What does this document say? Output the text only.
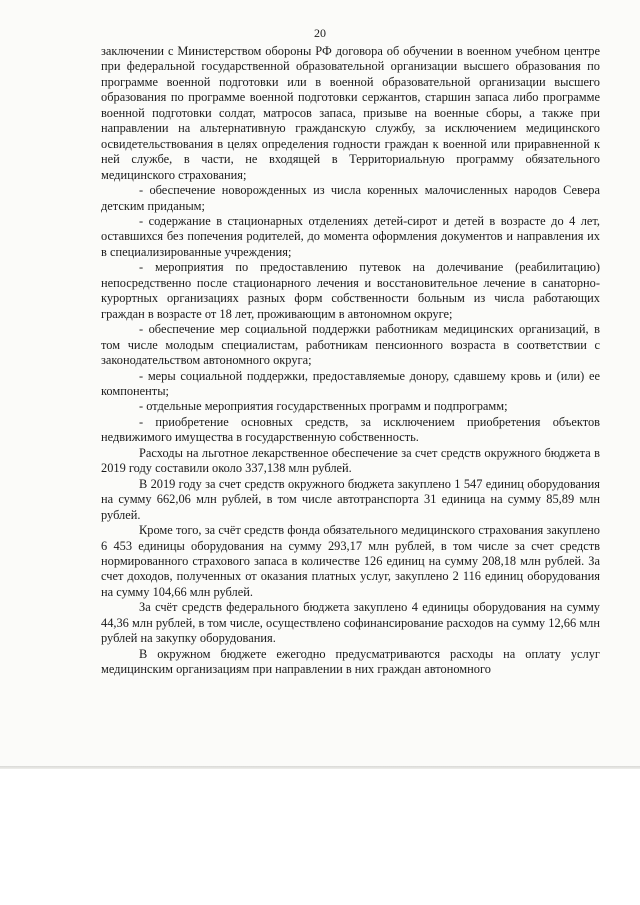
20

заключении с Министерством обороны РФ договора об обучении в военном учебном центре при федеральной государственной образовательной организации высшего образования по программе военной подготовки или в военной образовательной организации высшего образования по программе военной подготовки сержантов, старшин запаса либо программе военной подготовки солдат, матросов запаса, призыве на военные сборы, а также при направлении на альтернативную гражданскую службу, за исключением медицинского освидетельствования в целях определения годности граждан к военной или приравненной к ней службе, в части, не входящей в Территориальную программу обязательного медицинского страхования;

- обеспечение новорожденных из числа коренных малочисленных народов Севера детским приданым;

- содержание в стационарных отделениях детей-сирот и детей в возрасте до 4 лет, оставшихся без попечения родителей, до момента оформления документов и направления их в специализированные учреждения;

- мероприятия по предоставлению путевок на долечивание (реабилитацию) непосредственно после стационарного лечения и восстановительное лечение в санаторно-курортных организациях разных форм собственности больным из числа работающих граждан в возрасте от 18 лет, проживающим в автономном округе;

- обеспечение мер социальной поддержки работникам медицинских организаций, в том числе молодым специалистам, работникам пенсионного возраста в соответствии с законодательством автономного округа;

- меры социальной поддержки, предоставляемые донору, сдавшему кровь и (или) ее компоненты;

- отдельные мероприятия государственных программ и подпрограмм;

- приобретение основных средств, за исключением приобретения объектов недвижимого имущества в государственную собственность.

Расходы на льготное лекарственное обеспечение за счет средств окружного бюджета в 2019 году составили около 337,138 млн рублей.

В 2019 году за счет средств окружного бюджета закуплено 1 547 единиц оборудования на сумму 662,06 млн рублей, в том числе автотранспорта 31 единица на сумму 85,89 млн рублей.

Кроме того, за счёт средств фонда обязательного медицинского страхования закуплено 6 453 единицы оборудования на сумму 293,17 млн рублей, в том числе за счет средств нормированного страхового запаса в количестве 126 единиц на сумму 208,18 млн рублей. За счет доходов, полученных от оказания платных услуг, закуплено 2 116 единиц оборудования на сумму 104,66 млн рублей.

За счёт средств федерального бюджета закуплено 4 единицы оборудования на сумму 44,36 млн рублей, в том числе, осуществлено софинансирование расходов на сумму 12,66 млн рублей на закупку оборудования.

В окружном бюджете ежегодно предусматриваются расходы на оплату услуг медицинским организациям при направлении в них граждан автономного
